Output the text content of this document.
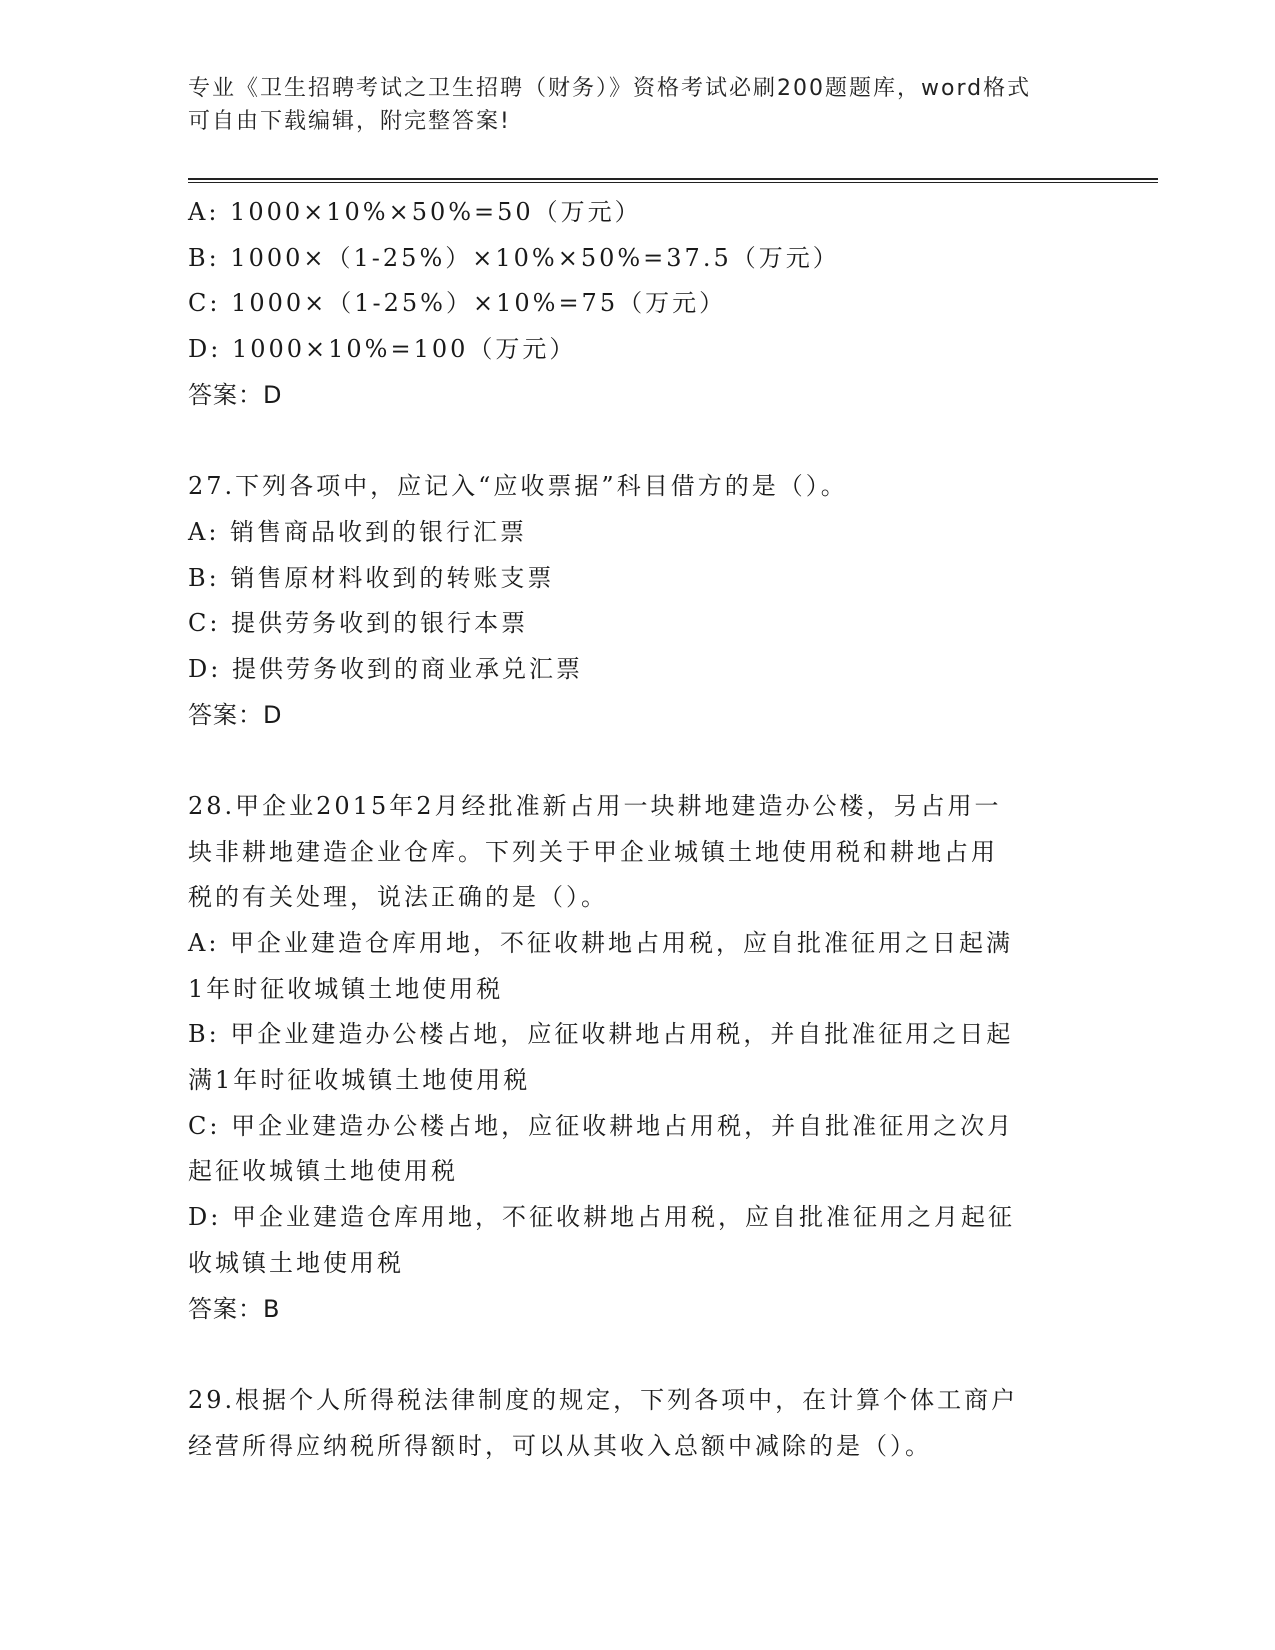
专业《卫生招聘考试之卫生招聘（财务）》资格考试必刷200题题库，word格式

可自由下载编辑，附完整答案!

A: 1000×10%×50%=50（万元）
B: 1000×（1-25%）×10%×50%=37.5（万元）
C: 1000×（1-25%）×10%=75（万元）
D: 1000×10%=100（万元）
答案：D
27.下列各项中，应记入“应收票据”科目借方的是（）。
A: 销售商品收到的银行汇票
B: 销售原材料收到的转账支票
C: 提供劳务收到的银行本票
D: 提供劳务收到的商业承兑汇票
答案：D
28.甲企业2015年2月经批准新占用一块耕地建造办公楼，另占用一
块非耕地建造企业仓库。下列关于甲企业城镇土地使用税和耕地占用
税的有关处理，说法正确的是（）。
A: 甲企业建造仓库用地，不征收耕地占用税，应自批准征用之日起满
1年时征收城镇土地使用税
B: 甲企业建造办公楼占地，应征收耕地占用税，并自批准征用之日起
满1年时征收城镇土地使用税
C: 甲企业建造办公楼占地，应征收耕地占用税，并自批准征用之次月
起征收城镇土地使用税
D: 甲企业建造仓库用地，不征收耕地占用税，应自批准征用之月起征
收城镇土地使用税
答案：B
29.根据个人所得税法律制度的规定，下列各项中，在计算个体工商户
经营所得应纳税所得额时，可以从其收入总额中减除的是（）。
